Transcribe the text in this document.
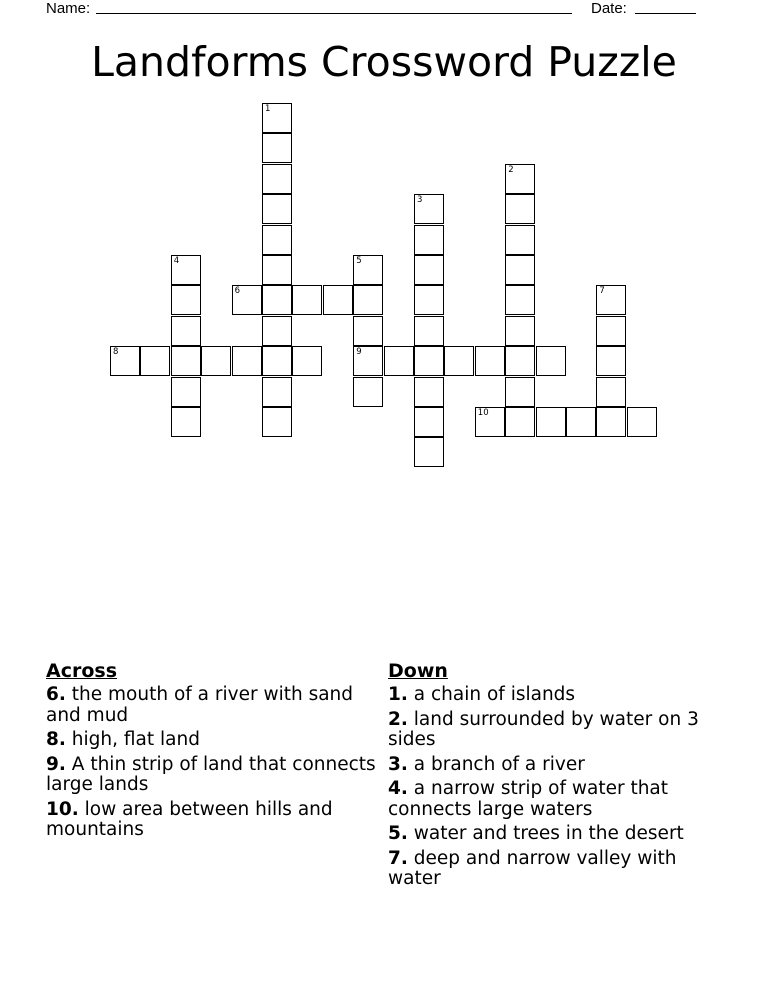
Name:	Date:
Landforms Crossword Puzzle
1
2
3
4	5
9
6	7
8
10
Across
6. the mouth of a river with sand and mud
8. high, flat land
9. A thin strip of land that connects large lands
10. low area between hills and mountains
Down
1. a chain of islands
2. land surrounded by water on 3 sides
3. a branch of a river
4. a narrow strip of water that connects large waters
5. water and trees in the desert
7. deep and narrow valley with water
